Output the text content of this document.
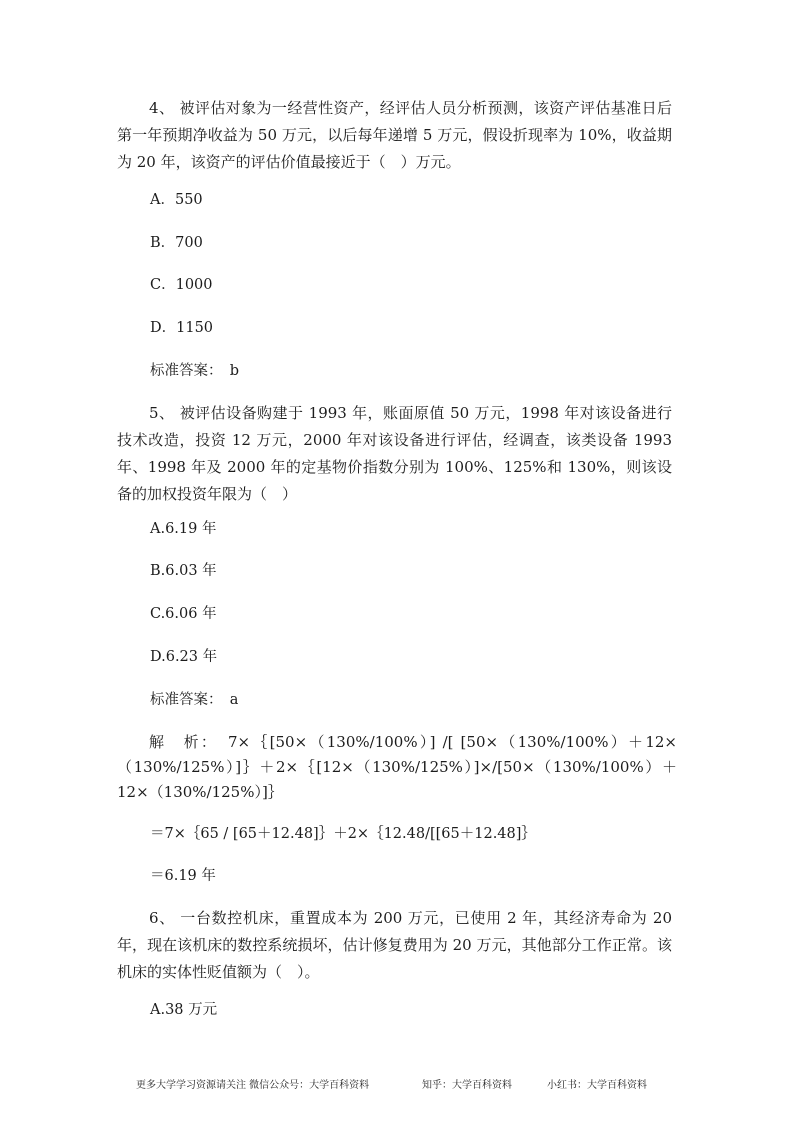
4、 被评估对象为一经营性资产，经评估人员分析预测，该资产评估基准日后第一年预期净收益为 50 万元，以后每年递增 5 万元，假设折现率为 10%，收益期为 20 年，该资产的评估价值最接近于（　）万元。

A．550

B．700

C．1000

D．1150

标准答案：　b

5、 被评估设备购建于 1993 年，账面原值 50 万元，1998 年对该设备进行技术改造，投资 12 万元，2000 年对该设备进行评估，经调查，该类设备 1993 年、1998 年及 2000 年的定基物价指数分别为 100%、125%和 130%，则该设备的加权投资年限为（　）

A.6.19 年

B.6.03 年

C.6.06 年

D.6.23 年

标准答案：　a

解　析：　7×｛[50×（130%/100%）] /[ [50×（130%/100%）＋12×（130%/125%）]｝＋2×｛[12×（130%/125%）]×/[50×（130%/100%）＋12×（130%/125%）]｝

＝7×｛65 / [65＋12.48]｝＋2×｛12.48/[[65＋12.48]｝

＝6.19 年

6、 一台数控机床，重置成本为 200 万元，已使用 2 年，其经济寿命为 20 年，现在该机床的数控系统损坏，估计修复费用为 20 万元，其他部分工作正常。该机床的实体性贬值额为（　）。

A.38 万元

更多大学学习资源请关注 微信公众号：大学百科资料	知乎：大学百科资料	小红书：大学百科资料
